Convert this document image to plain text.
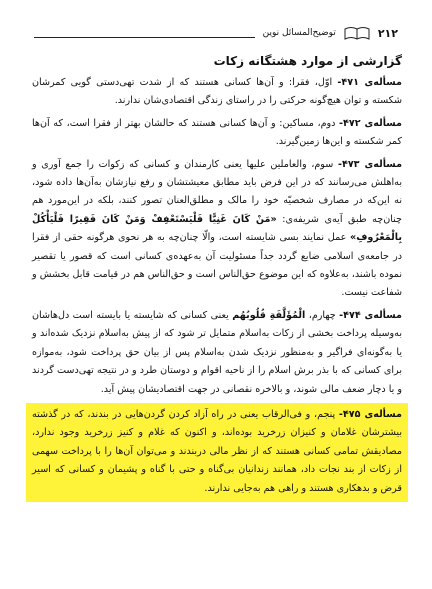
۲۱۲
توضیح‌المسائل نوین
گزارشی از موارد هشتگانه زکات

مسأله‌ی ۴۷۱- اوّل، فقرا: و آن‌ها کسانی هستند که از شدت تهی‌دستی گویی کمرشان شکسته و توان هیچ‌گونه حرکتی را در راستای زندگی اقتصادی‌شان ندارند.

مسأله‌ی ۴۷۲- دوم، مساکین: و آن‌ها کسانی هستند که حالشان بهتر از فقرا است، که آن‌ها کمر شکسته و این‌ها زمین‌گیرند.

مسأله‌ی ۴۷۳- سوم، والعاملین علیها یعنی کارمندان و کسانی که زکوات را جمع آوری و به‌اهلش می‌رسانند که در این فرض باید مطابق معیشتشان و رفع نیازشان به‌آن‌ها داده شود، نه این‌که در مصارف شخصیّه خود را مالک و مطلق‌العنان تصور کنند، بلکه در این‌مورد هم چنان‌چه طبق آیه‌ی شریفه‌ی: «مَنْ كَانَ غَنِيًّا فَلْيَسْتَعْفِفْ وَمَنْ كَانَ فَقِيرًا فَلْيَأْكُلْ بِالْمَعْرُوفِ» عمل نمایند بسی شایسته است، والّا چنان‌چه به هر نحوی هرگونه حقی از فقرا در جامعه‌ی اسلامی ضایع گردد جداً مسئولیت آن به‌عهده‌ی کسانی است که قصور یا تقصیر نموده باشند، به‌علاوه که این موضوع حق‌الناس است و حق‌الناس هم در قیامت قابل بخشش و شفاعت نیست.

مسأله‌ی ۴۷۴- چهارم، الْمُؤَلَّفَةِ قُلُوبُهُم یعنی کسانی که شایسته یا بایسته است دل‌هاشان به‌وسیله پرداخت بخشی از زکات به‌اسلام متمایل تر شود که از پیش به‌اسلام نزدیک شده‌اند و یا به‌گونه‌ای فراگیر و به‌منظور نزدیک شدن به‌اسلام پس از بیان حق پرداخت شود، به‌موازه برای کسانی که با بذر برش اسلام را از ناحیه اقوام و دوستان طرد و در نتیجه تهی‌دست گردند و یا دچار ضعف مالی شوند، و بالاخره نقصانی در جهت اقتصادیشان پیش آید.

مسأله‌ی ۴۷۵- پنجم، و فی‌الرقاب یعنی در راه آزاد کردن گردن‌هایی در بندند، که در گذشته بیشترشان غلامان و کنیزان زرخرید بوده‌اند، و اکنون که غلام و کنیز زرخرید وجود ندارد، مصادیقش تمامی کسانی هستند که از نظر مالی دربندند و می‌توان آن‌ها را با پرداخت سهمی از زکات از بند نجات داد، همانند زندانیان بی‌گناه و حتی با گناه و پشیمان و کسانی که اسیر قرض و بدهکاری هستند و راهی هم به‌جایی ندارند.
